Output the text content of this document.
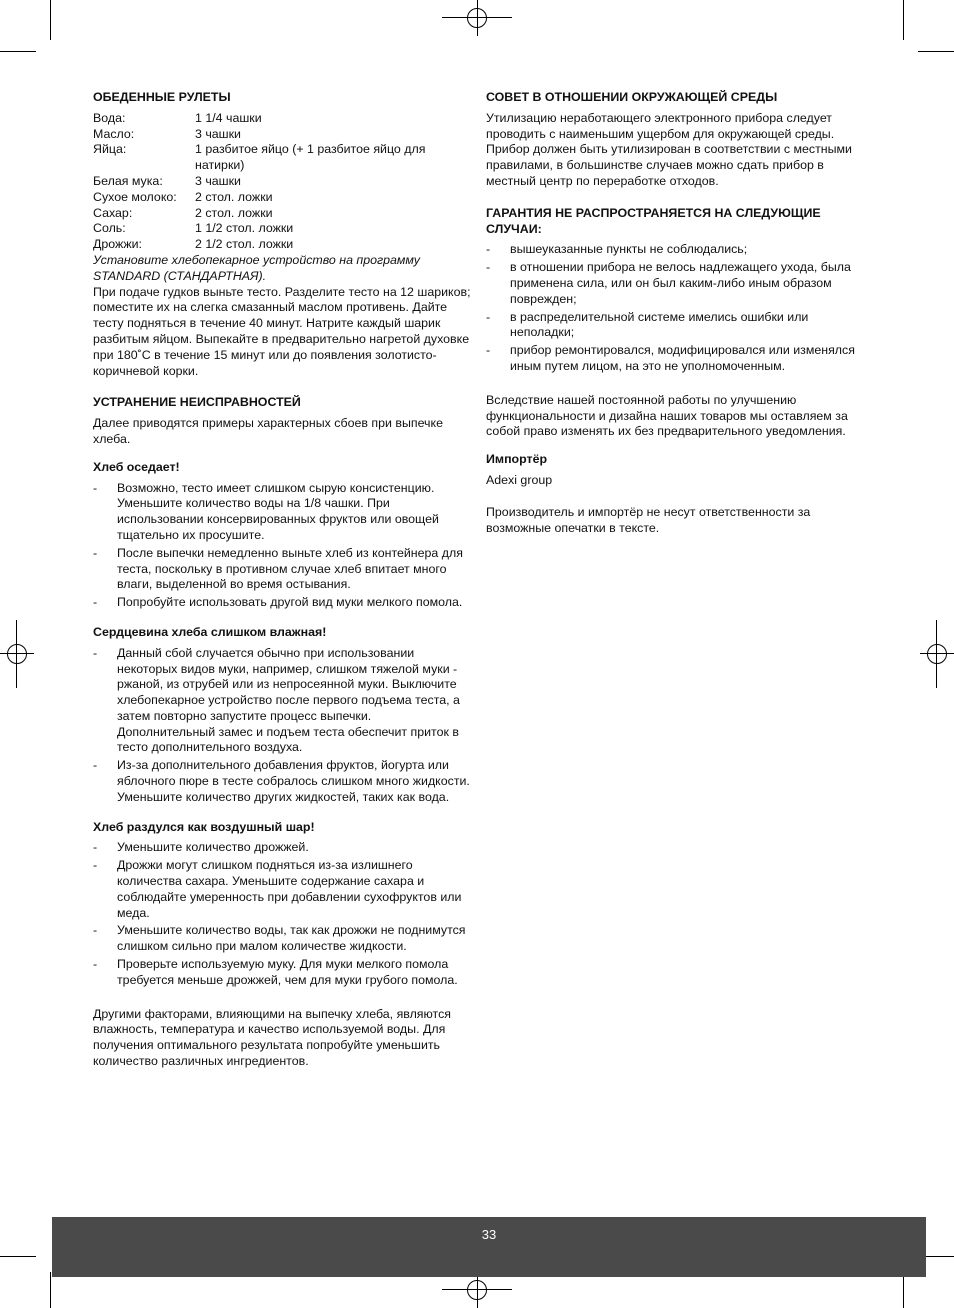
ОБЕДЕННЫЕ РУЛЕТЫ
Вода:	1 1/4 чашки
Масло:	3 чашки
Яйца:	1 разбитое яйцо (+ 1 разбитое яйцо для натирки)
Белая мука:	3 чашки
Сухое молоко:	2 стол. ложки
Сахар:	2 стол. ложки
Соль:	1 1/2 стол. ложки
Дрожжи:	2 1/2 стол. ложки

Установите хлебопекарное устройство на программу STANDARD (СТАНДАРТНАЯ).

При подаче гудков выньте тесто. Разделите тесто на 12 шариков; поместите их на слегка смазанный маслом противень. Дайте тесту подняться в течение 40 минут. Натрите каждый шарик разбитым яйцом. Выпекайте в предварительно нагретой духовке при 180˚C в течение 15 минут или до появления золотисто-коричневой корки.

УСТРАНЕНИЕ НЕИСПРАВНОСТЕЙ

Далее приводятся примеры характерных сбоев при выпечке хлеба.

Хлеб оседает!
- Возможно, тесто имеет слишком сырую консистенцию. Уменьшите количество воды на 1/8 чашки. При использовании консервированных фруктов или овощей тщательно их просушите.
- После выпечки немедленно выньте хлеб из контейнера для теста, поскольку в противном случае хлеб впитает много влаги, выделенной во время остывания.
- Попробуйте использовать другой вид муки мелкого помола.
Сердцевина хлеба слишком влажная!
- Данный сбой случается обычно при использовании некоторых видов муки, например, слишком тяжелой муки - ржаной, из отрубей или из непросеянной муки. Выключите хлебопекарное устройство после первого подъема теста, а затем повторно запустите процесс выпечки. Дополнительный замес и подъем теста обеспечит приток в тесто дополнительного воздуха.
- Из-за дополнительного добавления фруктов, йогурта или яблочного пюре в тесте собралось слишком много жидкости. Уменьшите количество других жидкостей, таких как вода.
Хлеб раздулся как воздушный шар!
- Уменьшите количество дрожжей.
- Дрожжи могут слишком подняться из-за излишнего количества сахара. Уменьшите содержание сахара и соблюдайте умеренность при добавлении сухофруктов или меда.
- Уменьшите количество воды, так как дрожжи не поднимутся слишком сильно при малом количестве жидкости.
- Проверьте используемую муку. Для муки мелкого помола требуется меньше дрожжей, чем для муки грубого помола.

Другими факторами, влияющими на выпечку хлеба, являются влажность, температура и качество используемой воды. Для получения оптимального результата попробуйте уменьшить количество различных ингредиентов.

СОВЕТ В ОТНОШЕНИИ ОКРУЖАЮЩЕЙ СРЕДЫ

Утилизацию неработающего электронного прибора следует проводить с наименьшим ущербом для окружающей среды. Прибор должен быть утилизирован в соответствии с местными правилами, в большинстве случаев можно сдать прибор в местный центр по переработке отходов.

ГАРАНТИЯ НЕ РАСПРОСТРАНЯЕТСЯ НА СЛЕДУЮЩИЕ СЛУЧАИ:
- вышеуказанные пункты не соблюдались;
- в отношении прибора не велось надлежащего ухода, была применена сила, или он был каким-либо иным образом поврежден;
- в распределительной системе имелись ошибки или неполадки;
- прибор ремонтировался, модифицировался или изменялся иным путем лицом, на это не уполномоченным.

Вследствие нашей постоянной работы по улучшению функциональности и дизайна наших товаров мы оставляем за собой право изменять их без предварительного уведомления.

Импортёр

Adexi group

Производитель и импортёр не несут ответственности за возможные опечатки в тексте.

33
